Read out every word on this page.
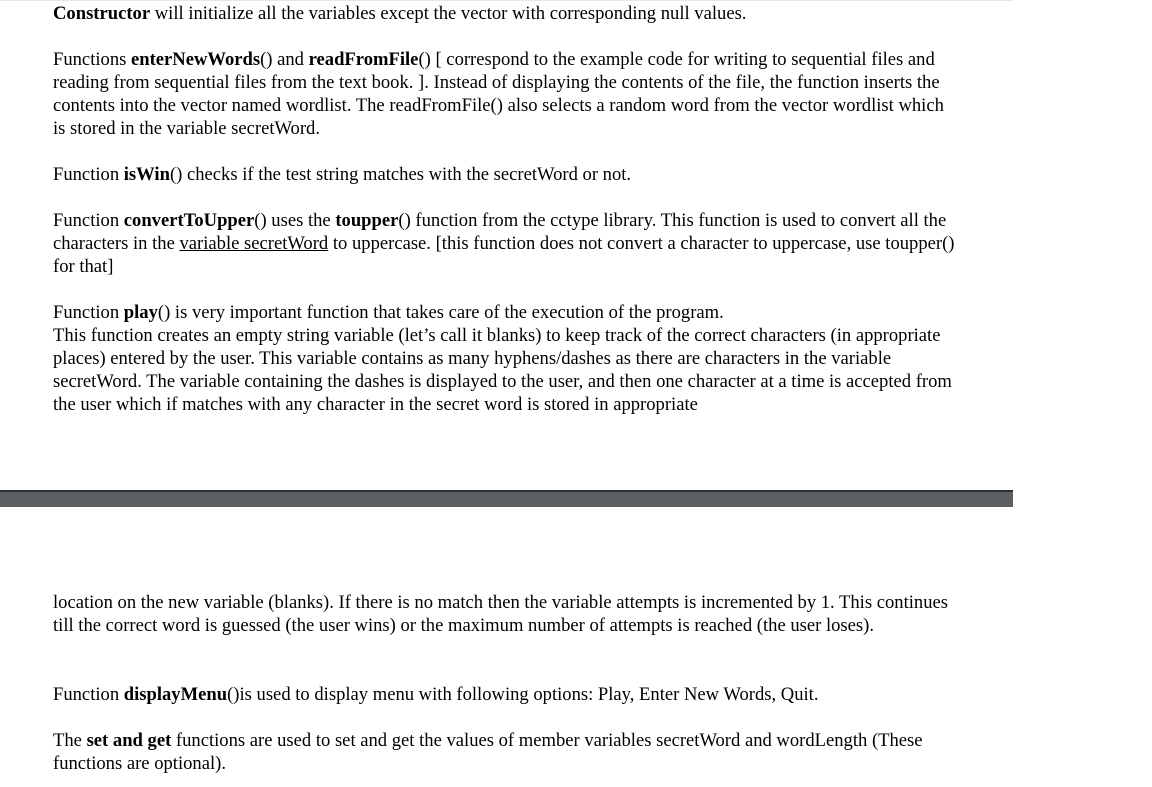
Constructor will initialize all the variables except the vector with corresponding null values.

Functions enterNewWords() and readFromFile() [ correspond to the example code for writing to sequential files and reading from sequential files from the text book. ]. Instead of displaying the contents of the file, the function inserts the contents into the vector named wordlist. The readFromFile() also selects a random word from the vector wordlist which is stored in the variable secretWord.

Function isWin() checks if the test string matches with the secretWord or not.

Function convertToUpper() uses the toupper() function from the cctype library. This function is used to convert all the characters in the variable secretWord to uppercase. [this function does not convert a character to uppercase, use toupper() for that]

Function play() is very important function that takes care of the execution of the program.

This function creates an empty string variable (let’s call it blanks) to keep track of the correct characters (in appropriate places) entered by the user. This variable contains as many hyphens/dashes as there are characters in the variable secretWord. The variable containing the dashes is displayed to the user, and then one character at a time is accepted from the user which if matches with any character in the secret word is stored in appropriate

location on the new variable (blanks). If there is no match then the variable attempts is incremented by 1. This continues till the correct word is guessed (the user wins) or the maximum number of attempts is reached (the user loses).

Function displayMenu()is used to display menu with following options: Play, Enter New Words, Quit.

The set and get functions are used to set and get the values of member variables secretWord and wordLength (These functions are optional).
